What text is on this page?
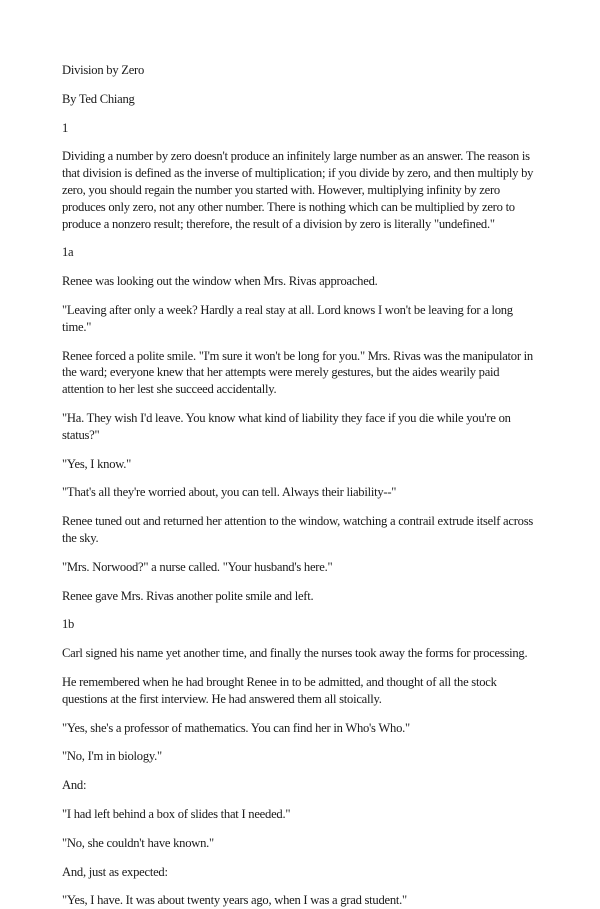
Division by Zero

By Ted Chiang

1

Dividing a number by zero doesn't produce an infinitely large number as an answer. The reason is that division is defined as the inverse of multiplication; if you divide by zero, and then multiply by zero, you should regain the number you started with. However, multiplying infinity by zero produces only zero, not any other number. There is nothing which can be multiplied by zero to produce a nonzero result; therefore, the result of a division by zero is literally "undefined."

1a

Renee was looking out the window when Mrs. Rivas approached.

"Leaving after only a week? Hardly a real stay at all. Lord knows I won't be leaving for a long time."

Renee forced a polite smile. "I'm sure it won't be long for you." Mrs. Rivas was the manipulator in the ward; everyone knew that her attempts were merely gestures, but the aides wearily paid attention to her lest she succeed accidentally.

"Ha. They wish I'd leave. You know what kind of liability they face if you die while you're on status?"

"Yes, I know."

"That's all they're worried about, you can tell. Always their liability--"

Renee tuned out and returned her attention to the window, watching a contrail extrude itself across the sky.

"Mrs. Norwood?" a nurse called. "Your husband's here."

Renee gave Mrs. Rivas another polite smile and left.

1b

Carl signed his name yet another time, and finally the nurses took away the forms for processing.

He remembered when he had brought Renee in to be admitted, and thought of all the stock questions at the first interview. He had answered them all stoically.

"Yes, she's a professor of mathematics. You can find her in Who's Who."

"No, I'm in biology."

And:

"I had left behind a box of slides that I needed."

"No, she couldn't have known."

And, just as expected:

"Yes, I have. It was about twenty years ago, when I was a grad student."
